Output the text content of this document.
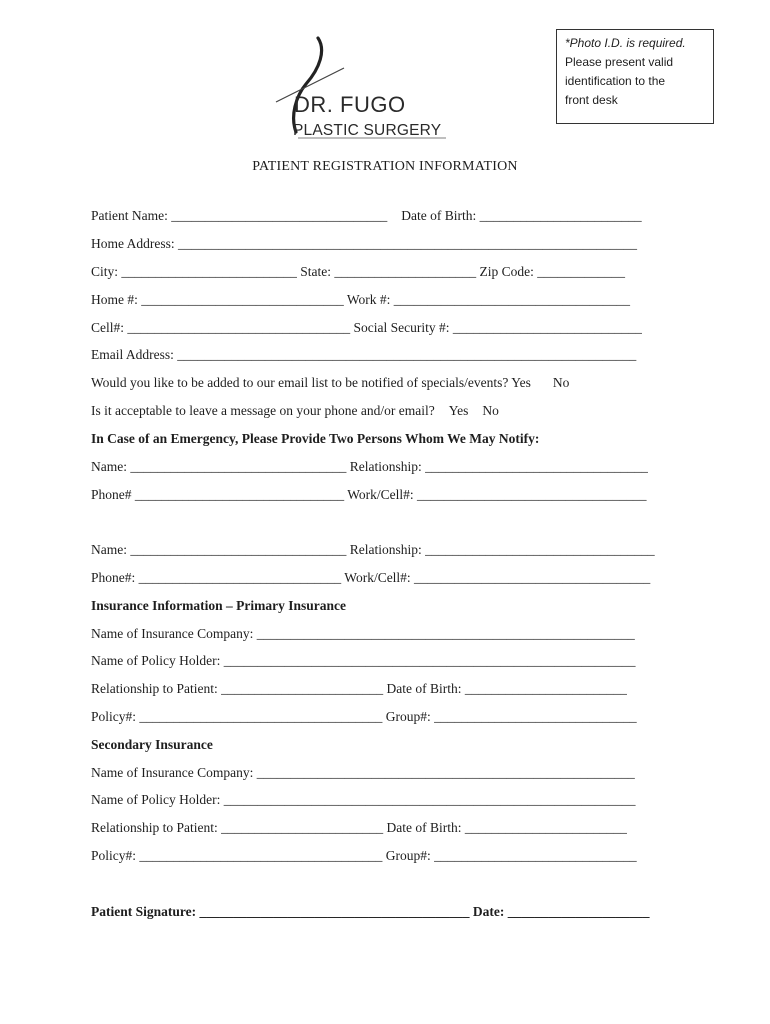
*Photo I.D. is required.
Please present valid
identification to the
front desk
DR. FUGO
PLASTIC SURGERY
PATIENT REGISTRATION INFORMATION
Patient Name: ________________________________ Date of Birth: ________________________
Home Address: ____________________________________________________________________
City: __________________________ State: _____________________ Zip Code: _____________
Home #: ______________________________ Work #: ___________________________________
Cell#: _________________________________ Social Security #: ____________________________
Email Address: ____________________________________________________________________
Would you like to be added to our email list to be notified of specials/events? Yes No
Is it acceptable to leave a message on your phone and/or email? Yes No
In Case of an Emergency, Please Provide Two Persons Whom We May Notify:
Name: ________________________________ Relationship: _________________________________
Phone# _______________________________ Work/Cell#: __________________________________
Name: ________________________________ Relationship: __________________________________
Phone#: ______________________________ Work/Cell#: ___________________________________
Insurance Information – Primary Insurance
Name of Insurance Company: ________________________________________________________
Name of Policy Holder: _____________________________________________________________
Relationship to Patient: ________________________ Date of Birth: ________________________
Policy#: ____________________________________ Group#: ______________________________
Secondary Insurance
Name of Insurance Company: ________________________________________________________
Name of Policy Holder: _____________________________________________________________
Relationship to Patient: ________________________ Date of Birth: ________________________
Policy#: ____________________________________ Group#: ______________________________
Patient Signature: ________________________________________ Date: _____________________
